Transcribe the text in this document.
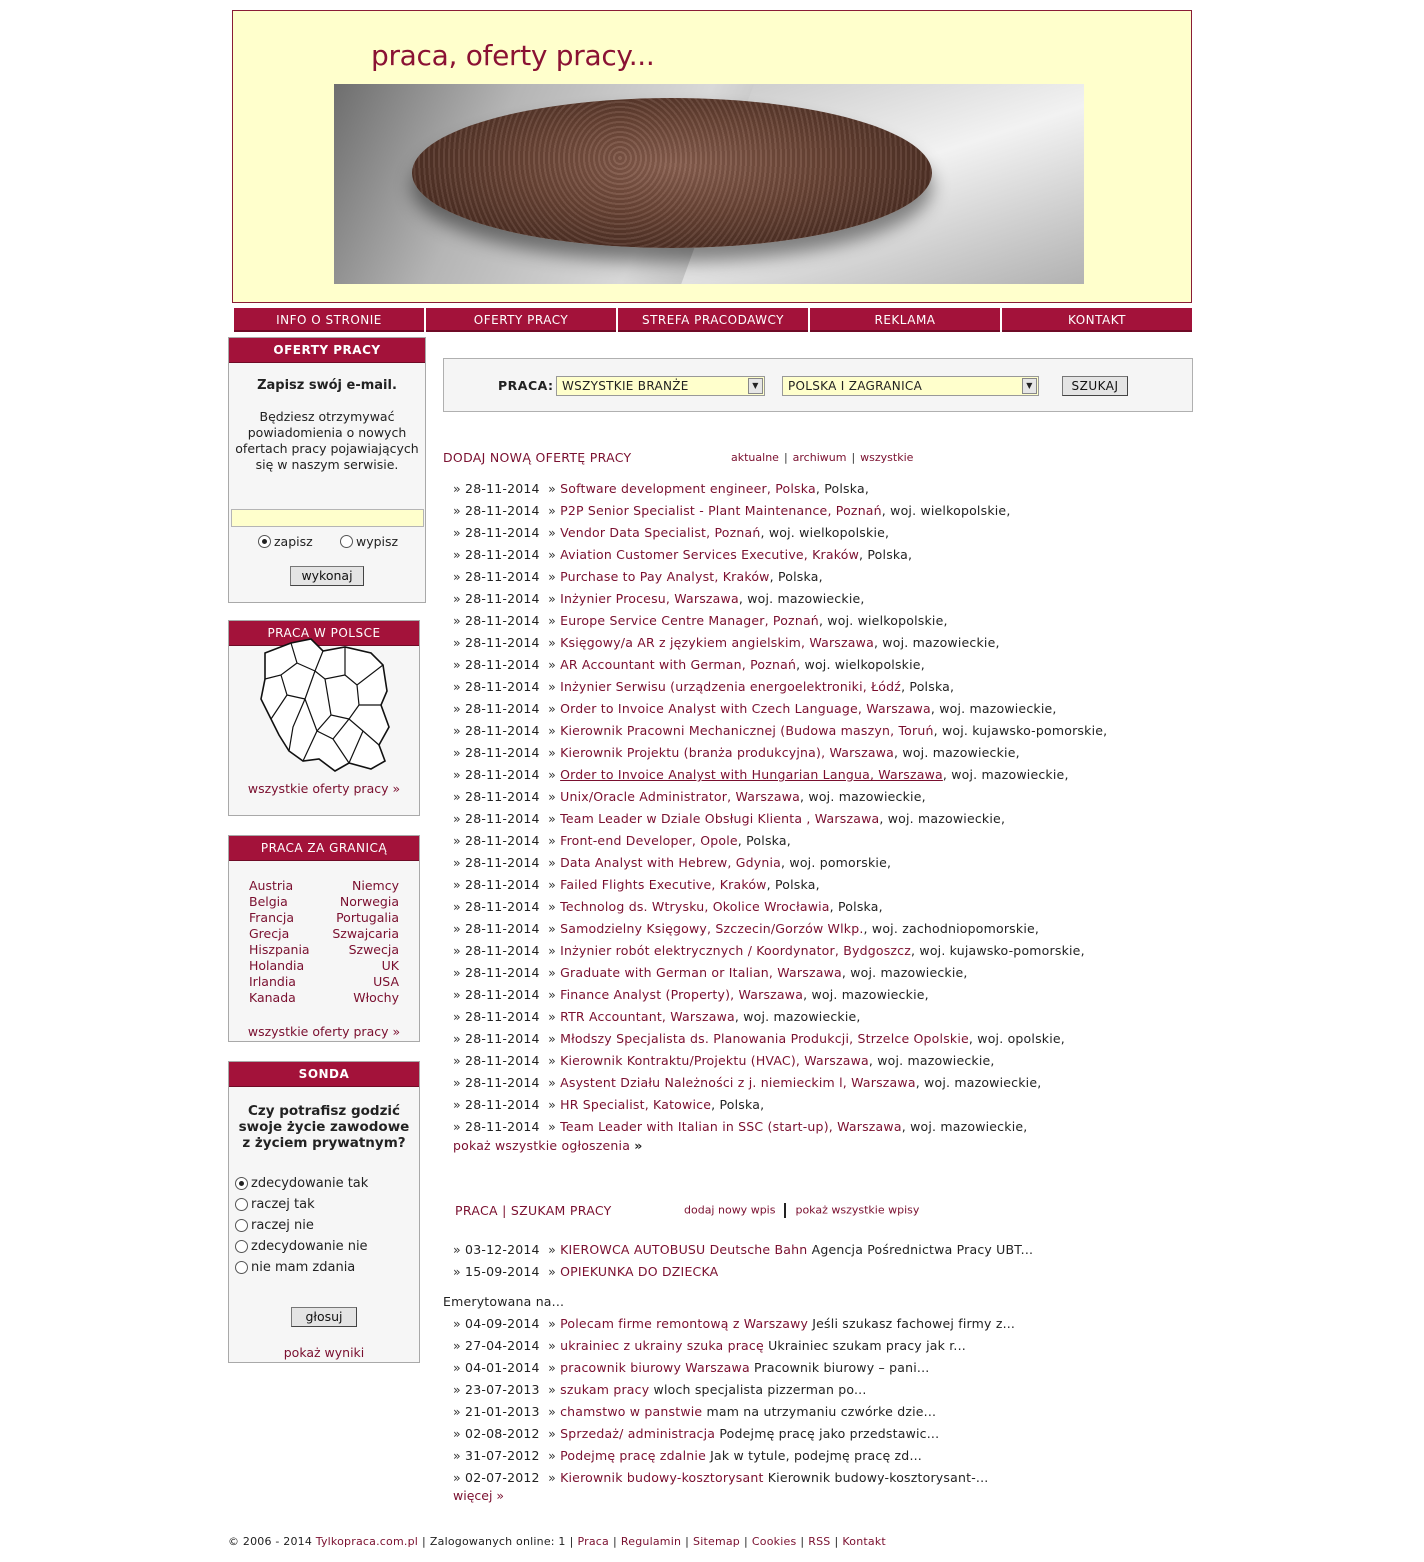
praca, oferty pracy...
INFO O STRONIE	OFERTY PRACY	STREFA PRACODAWCY	REKLAMA	KONTAKT
OFERTY PRACY
Zapisz swój e-mail.
Będziesz otrzymywać powiadomienia o nowych ofertach pracy pojawiających się w naszym serwisie.
zapisz	wypisz
wykonaj
PRACA W POLSCE
wszystkie oferty pracy »
PRACA ZA GRANICĄ
Austria	Niemcy
Belgia	Norwegia
Francja	Portugalia
Grecja	Szwajcaria
Hiszpania	Szwecja
Holandia	UK
Irlandia	USA
Kanada	Włochy
wszystkie oferty pracy »
SONDA
Czy potrafisz godzić swoje życie zawodowe z życiem prywatnym?
zdecydowanie tak
raczej tak
raczej nie
zdecydowanie nie
nie mam zdania
głosuj
pokaż wyniki
PRACA: WSZYSTKIE BRANŻE	▼	POLSKA I ZAGRANICA	▼	SZUKAJ
DODAJ NOWĄ OFERTĘ PRACY	aktualne | archiwum | wszystkie
» 28-11-2014 » Software development engineer, Polska, Polska,
» 28-11-2014 » P2P Senior Specialist - Plant Maintenance, Poznań, woj. wielkopolskie,
» 28-11-2014 » Vendor Data Specialist, Poznań, woj. wielkopolskie,
» 28-11-2014 » Aviation Customer Services Executive, Kraków, Polska,
» 28-11-2014 » Purchase to Pay Analyst, Kraków, Polska,
» 28-11-2014 » Inżynier Procesu, Warszawa, woj. mazowieckie,
» 28-11-2014 » Europe Service Centre Manager, Poznań, woj. wielkopolskie,
» 28-11-2014 » Księgowy/a AR z językiem angielskim, Warszawa, woj. mazowieckie,
» 28-11-2014 » AR Accountant with German, Poznań, woj. wielkopolskie,
» 28-11-2014 » Inżynier Serwisu (urządzenia energoelektroniki, Łódź, Polska,
» 28-11-2014 » Order to Invoice Analyst with Czech Language, Warszawa, woj. mazowieckie,
» 28-11-2014 » Kierownik Pracowni Mechanicznej (Budowa maszyn, Toruń, woj. kujawsko-pomorskie,
» 28-11-2014 » Kierownik Projektu (branża produkcyjna), Warszawa, woj. mazowieckie,
» 28-11-2014 » Order to Invoice Analyst with Hungarian Langua, Warszawa, woj. mazowieckie,
» 28-11-2014 » Unix/Oracle Administrator, Warszawa, woj. mazowieckie,
» 28-11-2014 » Team Leader w Dziale Obsługi Klienta , Warszawa, woj. mazowieckie,
» 28-11-2014 » Front-end Developer, Opole, Polska,
» 28-11-2014 » Data Analyst with Hebrew, Gdynia, woj. pomorskie,
» 28-11-2014 » Failed Flights Executive, Kraków, Polska,
» 28-11-2014 » Technolog ds. Wtrysku, Okolice Wrocławia, Polska,
» 28-11-2014 » Samodzielny Księgowy, Szczecin/Gorzów Wlkp., woj. zachodniopomorskie,
» 28-11-2014 » Inżynier robót elektrycznych / Koordynator, Bydgoszcz, woj. kujawsko-pomorskie,
» 28-11-2014 » Graduate with German or Italian, Warszawa, woj. mazowieckie,
» 28-11-2014 » Finance Analyst (Property), Warszawa, woj. mazowieckie,
» 28-11-2014 » RTR Accountant, Warszawa, woj. mazowieckie,
» 28-11-2014 » Młodszy Specjalista ds. Planowania Produkcji, Strzelce Opolskie, woj. opolskie,
» 28-11-2014 » Kierownik Kontraktu/Projektu (HVAC), Warszawa, woj. mazowieckie,
» 28-11-2014 » Asystent Działu Należności z j. niemieckim l, Warszawa, woj. mazowieckie,
» 28-11-2014 » HR Specialist, Katowice, Polska,
» 28-11-2014 » Team Leader with Italian in SSC (start-up), Warszawa, woj. mazowieckie,
pokaż wszystkie ogłoszenia »
PRACA | SZUKAM PRACY	dodaj nowy wpis pokaż wszystkie wpisy
» 03-12-2014 » KIEROWCA AUTOBUSU Deutsche Bahn Agencja Pośrednictwa Pracy UBT...
» 15-09-2014 » OPIEKUNKA DO DZIECKA
Emerytowana na...
» 04-09-2014 » Polecam firme remontową z Warszawy Jeśli szukasz fachowej firmy z...
» 27-04-2014 » ukrainiec z ukrainy szuka pracę Ukrainiec szukam pracy jak r...
» 04-01-2014 » pracownik biurowy Warszawa Pracownik biurowy – pani...
» 23-07-2013 » szukam pracy wloch specjalista pizzerman po...
» 21-01-2013 » chamstwo w panstwie mam na utrzymaniu czwórke dzie...
» 02-08-2012 » Sprzedaż/ administracja Podejmę pracę jako przedstawic...
» 31-07-2012 » Podejmę pracę zdalnie Jak w tytule, podejmę pracę zd...
» 02-07-2012 » Kierownik budowy-kosztorysant Kierownik budowy-kosztorysant-...
więcej »
© 2006 - 2014 Tylkopraca.com.pl | Zalogowanych online: 1 | Praca | Regulamin | Sitemap | Cookies | RSS | Kontakt
